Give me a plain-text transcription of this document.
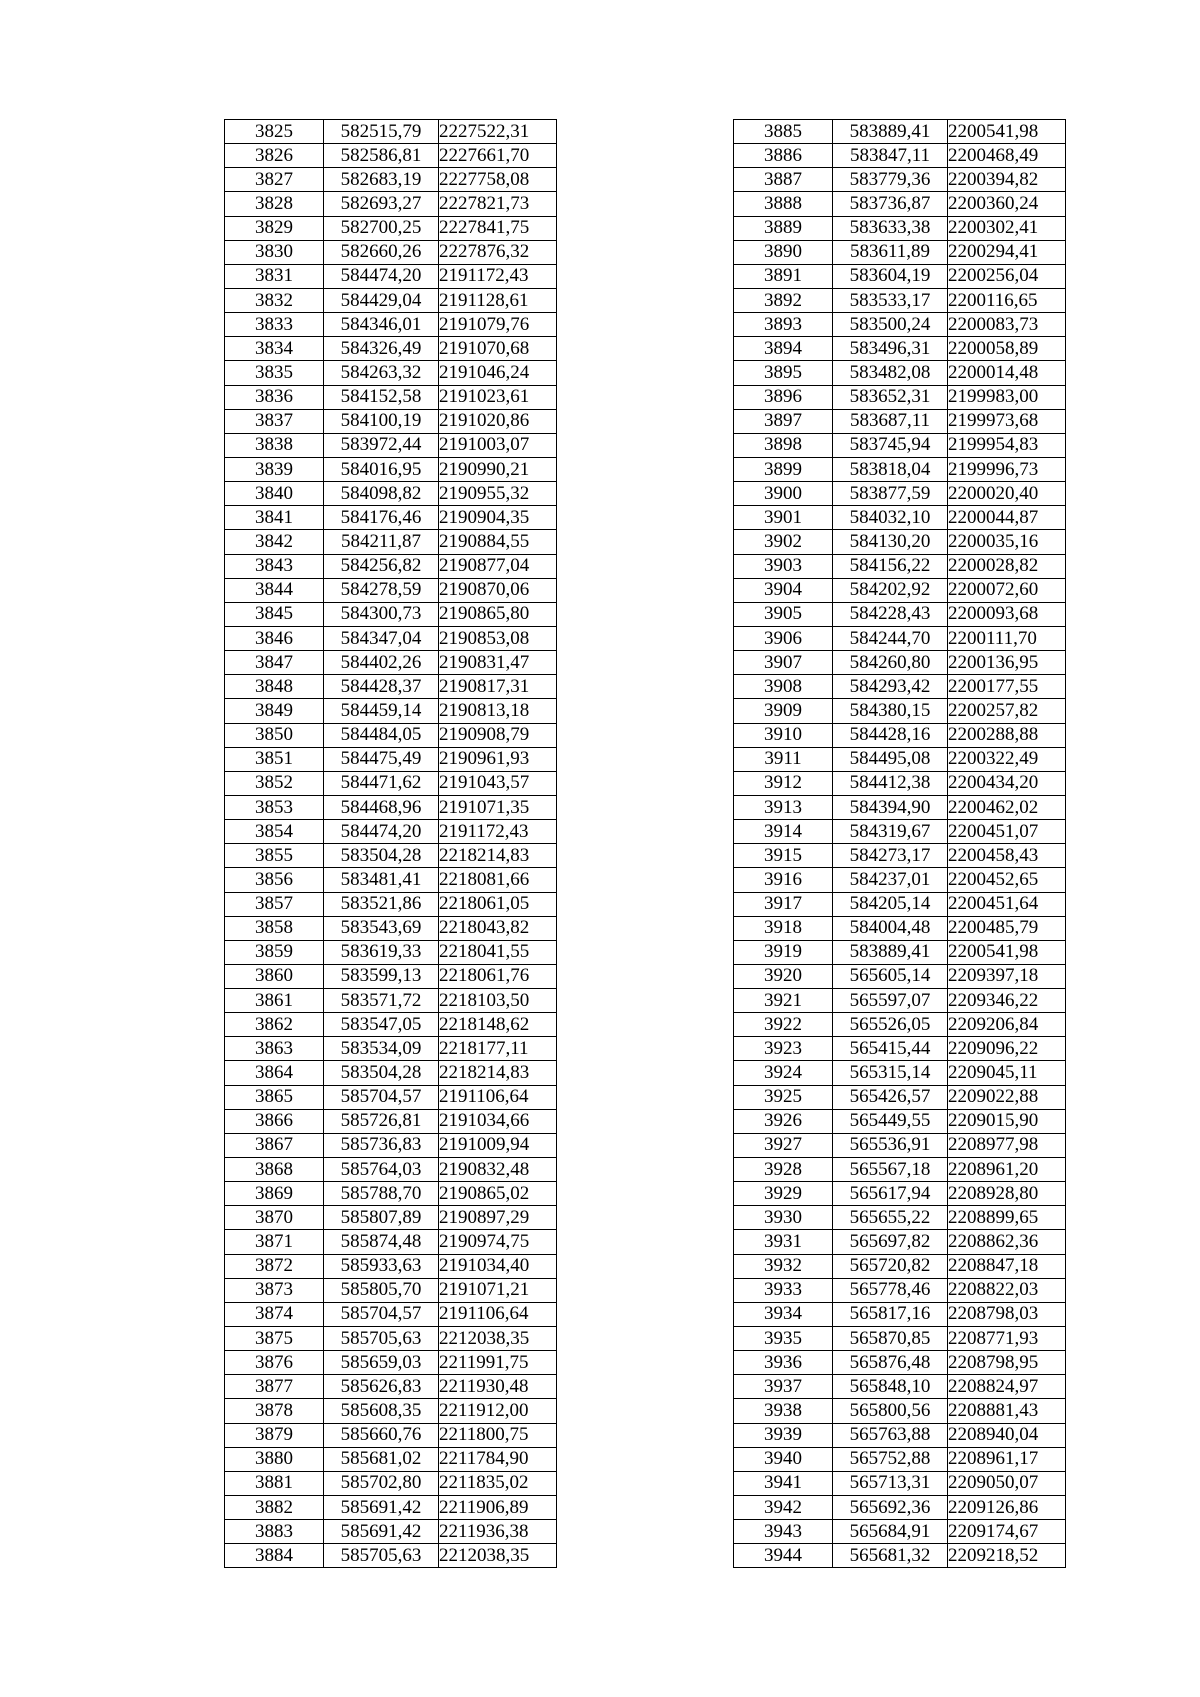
3825	582515,79	2227522,31
3826	582586,81	2227661,70
3827	582683,19	2227758,08
3828	582693,27	2227821,73
3829	582700,25	2227841,75
3830	582660,26	2227876,32
3831	584474,20	2191172,43
3832	584429,04	2191128,61
3833	584346,01	2191079,76
3834	584326,49	2191070,68
3835	584263,32	2191046,24
3836	584152,58	2191023,61
3837	584100,19	2191020,86
3838	583972,44	2191003,07
3839	584016,95	2190990,21
3840	584098,82	2190955,32
3841	584176,46	2190904,35
3842	584211,87	2190884,55
3843	584256,82	2190877,04
3844	584278,59	2190870,06
3845	584300,73	2190865,80
3846	584347,04	2190853,08
3847	584402,26	2190831,47
3848	584428,37	2190817,31
3849	584459,14	2190813,18
3850	584484,05	2190908,79
3851	584475,49	2190961,93
3852	584471,62	2191043,57
3853	584468,96	2191071,35
3854	584474,20	2191172,43
3855	583504,28	2218214,83
3856	583481,41	2218081,66
3857	583521,86	2218061,05
3858	583543,69	2218043,82
3859	583619,33	2218041,55
3860	583599,13	2218061,76
3861	583571,72	2218103,50
3862	583547,05	2218148,62
3863	583534,09	2218177,11
3864	583504,28	2218214,83
3865	585704,57	2191106,64
3866	585726,81	2191034,66
3867	585736,83	2191009,94
3868	585764,03	2190832,48
3869	585788,70	2190865,02
3870	585807,89	2190897,29
3871	585874,48	2190974,75
3872	585933,63	2191034,40
3873	585805,70	2191071,21
3874	585704,57	2191106,64
3875	585705,63	2212038,35
3876	585659,03	2211991,75
3877	585626,83	2211930,48
3878	585608,35	2211912,00
3879	585660,76	2211800,75
3880	585681,02	2211784,90
3881	585702,80	2211835,02
3882	585691,42	2211906,89
3883	585691,42	2211936,38
3884	585705,63	2212038,35
3885	583889,41	2200541,98
3886	583847,11	2200468,49
3887	583779,36	2200394,82
3888	583736,87	2200360,24
3889	583633,38	2200302,41
3890	583611,89	2200294,41
3891	583604,19	2200256,04
3892	583533,17	2200116,65
3893	583500,24	2200083,73
3894	583496,31	2200058,89
3895	583482,08	2200014,48
3896	583652,31	2199983,00
3897	583687,11	2199973,68
3898	583745,94	2199954,83
3899	583818,04	2199996,73
3900	583877,59	2200020,40
3901	584032,10	2200044,87
3902	584130,20	2200035,16
3903	584156,22	2200028,82
3904	584202,92	2200072,60
3905	584228,43	2200093,68
3906	584244,70	2200111,70
3907	584260,80	2200136,95
3908	584293,42	2200177,55
3909	584380,15	2200257,82
3910	584428,16	2200288,88
3911	584495,08	2200322,49
3912	584412,38	2200434,20
3913	584394,90	2200462,02
3914	584319,67	2200451,07
3915	584273,17	2200458,43
3916	584237,01	2200452,65
3917	584205,14	2200451,64
3918	584004,48	2200485,79
3919	583889,41	2200541,98
3920	565605,14	2209397,18
3921	565597,07	2209346,22
3922	565526,05	2209206,84
3923	565415,44	2209096,22
3924	565315,14	2209045,11
3925	565426,57	2209022,88
3926	565449,55	2209015,90
3927	565536,91	2208977,98
3928	565567,18	2208961,20
3929	565617,94	2208928,80
3930	565655,22	2208899,65
3931	565697,82	2208862,36
3932	565720,82	2208847,18
3933	565778,46	2208822,03
3934	565817,16	2208798,03
3935	565870,85	2208771,93
3936	565876,48	2208798,95
3937	565848,10	2208824,97
3938	565800,56	2208881,43
3939	565763,88	2208940,04
3940	565752,88	2208961,17
3941	565713,31	2209050,07
3942	565692,36	2209126,86
3943	565684,91	2209174,67
3944	565681,32	2209218,52
